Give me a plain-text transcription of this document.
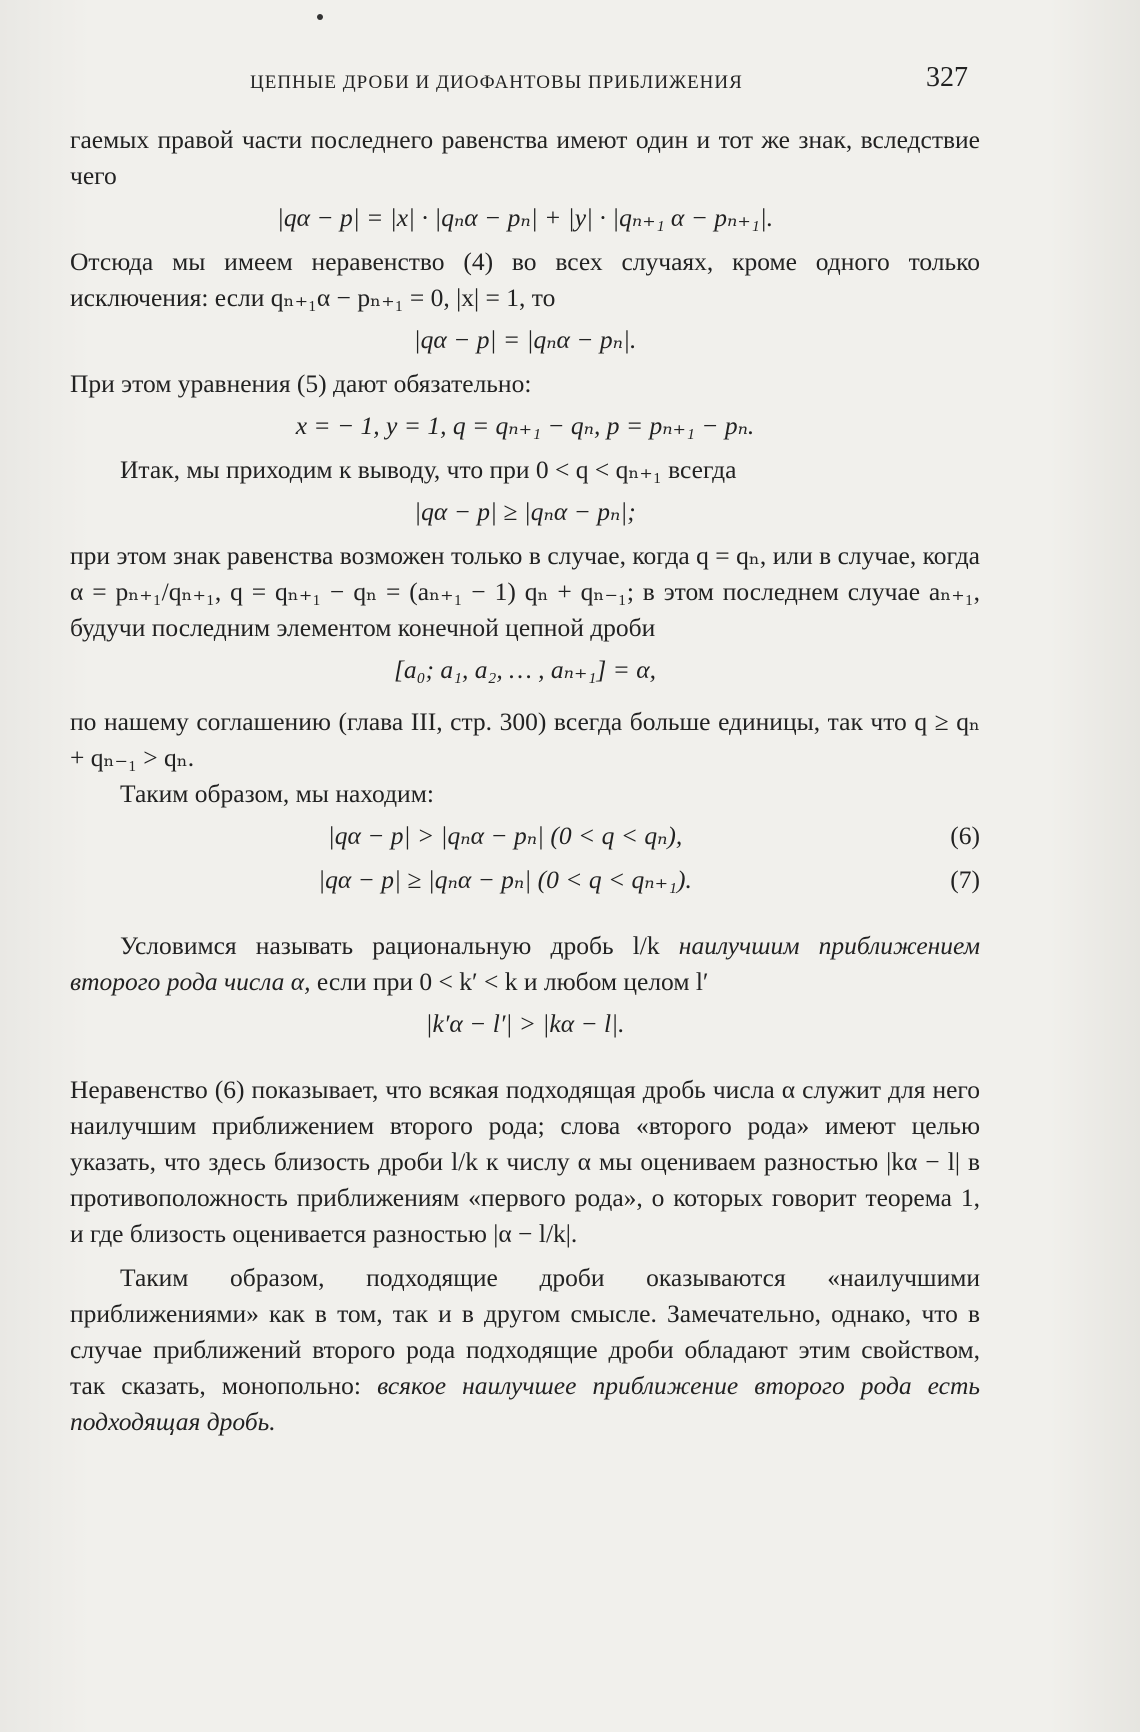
ЦЕПНЫЕ ДРОБИ И ДИОФАНТОВЫ ПРИБЛИЖЕНИЯ	327

гаемых правой части последнего равенства имеют один и тот же знак, вследствие чего

|qα − p| = |x| · |qₙα − pₙ| + |y| · |qₙ₊₁ α − pₙ₊₁|.

Отсюда мы имеем неравенство (4) во всех случаях, кроме одного только исключения: если qₙ₊₁α − pₙ₊₁ = 0, |x| = 1, то

|qα − p| = |qₙα − pₙ|.

При этом уравнения (5) дают обязательно:

x = − 1, y = 1, q = qₙ₊₁ − qₙ, p = pₙ₊₁ − pₙ.

Итак, мы приходим к выводу, что при 0 < q < qₙ₊₁ всегда

|qα − p| ≥ |qₙα − pₙ|;

при этом знак равенства возможен только в случае, когда q = qₙ, или в случае, когда α = pₙ₊₁/qₙ₊₁, q = qₙ₊₁ − qₙ = (aₙ₊₁ − 1) qₙ + qₙ₋₁; в этом последнем случае aₙ₊₁, будучи последним элементом конечной цепной дроби

[a₀; a₁, a₂, … , aₙ₊₁] = α,

по нашему соглашению (глава III, стр. 300) всегда больше единицы, так что q ≥ qₙ + qₙ₋₁ > qₙ.

Таким образом, мы находим:

|qα − p| > |qₙα − pₙ| (0 < q < qₙ),	(6)
|qα − p| ≥ |qₙα − pₙ| (0 < q < qₙ₊₁).	(7)

Условимся называть рациональную дробь l/k наилучшим приближением второго рода числа α, если при 0 < k′ < k и любом целом l′

|k′α − l′| > |kα − l|.

Неравенство (6) показывает, что всякая подходящая дробь числа α служит для него наилучшим приближением второго рода; слова «второго рода» имеют целью указать, что здесь близость дроби l/k к числу α мы оцениваем разностью |kα − l| в противоположность приближениям «первого рода», о которых говорит теорема 1, и где близость оценивается разностью |α − l/k|.

Таким образом, подходящие дроби оказываются «наилучшими приближениями» как в том, так и в другом смысле. Замечательно, однако, что в случае приближений второго рода подходящие дроби обладают этим свойством, так сказать, монопольно: всякое наилучшее приближение второго рода есть подходящая дробь.
